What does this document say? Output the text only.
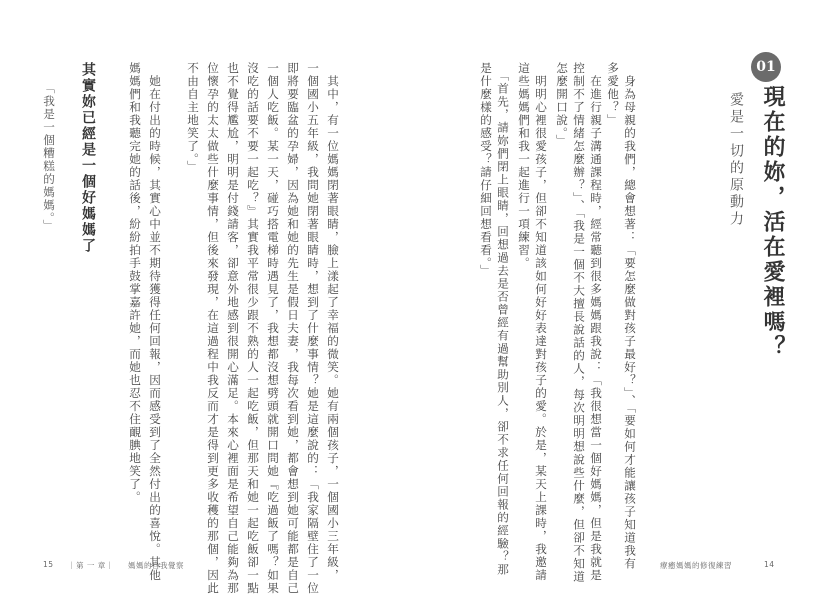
01
現在的妳，活在愛裡嗎？
愛是一切的原動力
　身為母親的我們，總會想著：「要怎麼做對孩子最好？」、「要如何才能讓孩子知道我有
多愛他？」
　在進行親子溝通課程時，經常聽到很多媽媽跟我說：「我很想當一個好媽媽，但是我就是
控制不了情緒怎麼辦？」、「我是一個不大擅長說話的人，每次明明想說些什麼，但卻不知道
怎麼開口說。」
　明明心裡很愛孩子，但卻不知道該如何好好表達對孩子的愛。於是，某天上課時，我邀請
這些媽媽們和我一起進行一項練習。
　「首先，請妳們閉上眼睛，回想過去是否曾經有過幫助別人，卻不求任何回報的經驗？那
是什麼樣的感受？請仔細回想看看。」
療癒媽媽的修復練習	14
　其中，有一位媽媽閉著眼睛，臉上漾起了幸福的微笑。她有兩個孩子，一個國小三年級，
一個國小五年級，我問她閉著眼睛時，想到了什麼事情？她是這麼說的：「我家隔壁住了一位
即將要臨盆的孕婦，因為她和她的先生是假日夫妻，我每次看到她，都會想到她可能都是自己
一個人吃飯。某一天，碰巧搭電梯時遇見了，我想都沒想劈頭就開口問她『吃過飯了嗎？如果
沒吃的話要不要一起吃？』其實我平常很少跟不熟的人一起吃飯，但那天和她一起吃飯卻一點
也不覺得尷尬，明明是付錢請客，卻意外地感到很開心滿足。本來心裡面是希望自己能夠為那
位懷孕的太太做些什麼事情，但後來發現，在這過程中我反而才是得到更多收穫的那個，因此
不由自主地笑了。」
　她在付出的時候，其實心中並不期待獲得任何回報，因而感受到了全然付出的喜悅。其他
媽媽們和我聽完她的話後，紛紛拍手鼓掌嘉許她，而她也忍不住靦腆地笑了。
其實妳已經是一個好媽媽了
「我是一個糟糕的媽媽。」
15 ｜第 一 章｜ 媽媽的自我覺察
